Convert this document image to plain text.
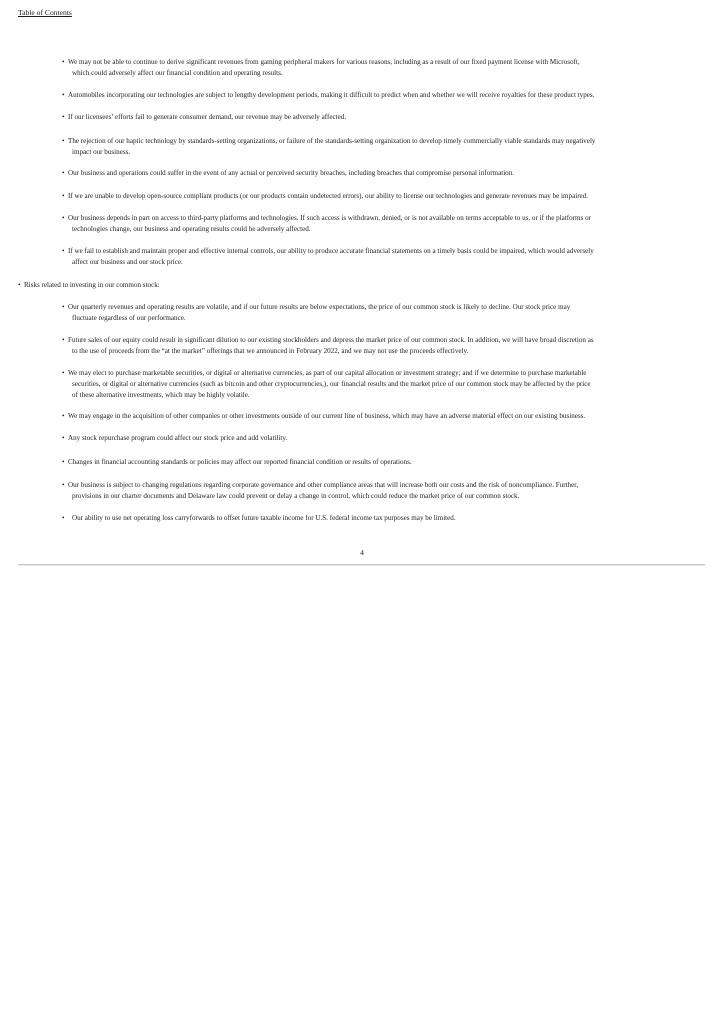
Table of Contents
• We may not be able to continue to derive significant revenues from gaming peripheral makers for various reasons, including as a result of our fixed payment license with Microsoft,
which could adversely affect our financial condition and operating results.
• Automobiles incorporating our technologies are subject to lengthy development periods, making it difficult to predict when and whether we will receive royalties for these product types.
• If our licensees’ efforts fail to generate consumer demand, our revenue may be adversely affected.
• The rejection of our haptic technology by standards-setting organizations, or failure of the standards-setting organization to develop timely commercially viable standards may negatively
impact our business.
• Our business and operations could suffer in the event of any actual or perceived security breaches, including breaches that compromise personal information.
• If we are unable to develop open-source compliant products (or our products contain undetected errors), our ability to license our technologies and generate revenues may be impaired.
• Our business depends in part on access to third-party platforms and technologies. If such access is withdrawn, denied, or is not available on terms acceptable to us, or if the platforms or
technologies change, our business and operating results could be adversely affected.
• If we fail to establish and maintain proper and effective internal controls, our ability to produce accurate financial statements on a timely basis could be impaired, which would adversely
affect our business and our stock price.
• Risks related to investing in our common stock:
• Our quarterly revenues and operating results are volatile, and if our future results are below expectations, the price of our common stock is likely to decline. Our stock price may
fluctuate regardless of our performance.
• Future sales of our equity could result in significant dilution to our existing stockholders and depress the market price of our common stock. In addition, we will have broad discretion as
to the use of proceeds from the “at the market” offerings that we announced in February 2022, and we may not use the proceeds effectively.
• We may elect to purchase marketable securities, or digital or alternative currencies, as part of our capital allocation or investment strategy; and if we determine to purchase marketable
securities, or digital or alternative currencies (such as bitcoin and other cryptocurrencies,), our financial results and the market price of our common stock may be affected by the price
of these alternative investments, which may be highly volatile.
• We may engage in the acquisition of other companies or other investments outside of our current line of business, which may have an adverse material effect on our existing business.
• Any stock repurchase program could affect our stock price and add volatility.
• Changes in financial accounting standards or policies may affect our reported financial condition or results of operations.
• Our business is subject to changing regulations regarding corporate governance and other compliance areas that will increase both our costs and the risk of noncompliance. Further,
provisions in our charter documents and Delaware law could prevent or delay a change in control, which could reduce the market price of our common stock.
• Our ability to use net operating loss carryforwards to offset future taxable income for U.S. federal income tax purposes may be limited.
4
